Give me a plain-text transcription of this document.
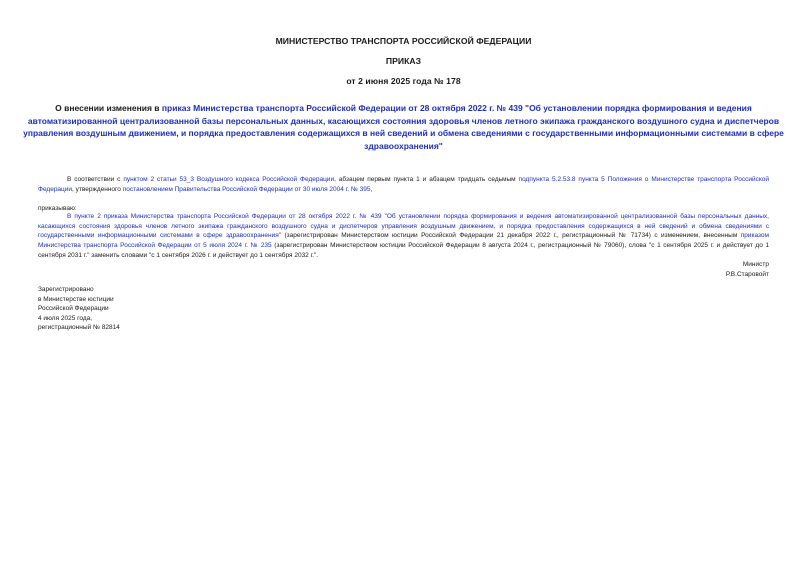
МИНИСТЕРСТВО ТРАНСПОРТА РОССИЙСКОЙ ФЕДЕРАЦИИ
ПРИКАЗ
от 2 июня 2025 года № 178
О внесении изменения в приказ Министерства транспорта Российской Федерации от 28 октября 2022 г. № 439 "Об установлении порядка формирования и ведения автоматизированной централизованной базы персональных данных, касающихся состояния здоровья членов летного экипажа гражданского воздушного судна и диспетчеров управления воздушным движением, и порядка предоставления содержащихся в ней сведений и обмена сведениями с государственными информационными системами в сфере здравоохранения"
В соответствии с пунктом 2 статьи 53_3 Воздушного кодекса Российской Федерации, абзацем первым пункта 1 и абзацем тридцать седьмым подпункта 5.2.53.8 пункта 5 Положения о Министерстве транспорта Российской Федерации, утвержденного постановлением Правительства Российской Федерации от 30 июля 2004 г. № 395,
приказываю:
В пункте 2 приказа Министерства транспорта Российской Федерации от 28 октября 2022 г. № 439 "Об установлении порядка формирования и ведения автоматизированной централизованной базы персональных данных, касающихся состояния здоровья членов летного экипажа гражданского воздушного судна и диспетчеров управления воздушным движением, и порядка предоставления содержащихся в ней сведений и обмена сведениями с государственными информационными системами в сфере здравоохранения" (зарегистрирован Министерством юстиции Российской Федерации 21 декабря 2022 г., регистрационный № 71734) с изменением, внесенным приказом Министерства транспорта Российской Федерации от 5 июля 2024 г. № 235 (зарегистрирован Министерством юстиции Российской Федерации 8 августа 2024 г., регистрационный № 79060), слова "с 1 сентября 2025 г. и действует до 1 сентября 2031 г." заменить словами "с 1 сентября 2026 г. и действует до 1 сентября 2032 г.".
Министр
Р.В.Старовойт
Зарегистрировано
в Министерстве юстиции
Российской Федерации
4 июля 2025 года,
регистрационный № 82814
